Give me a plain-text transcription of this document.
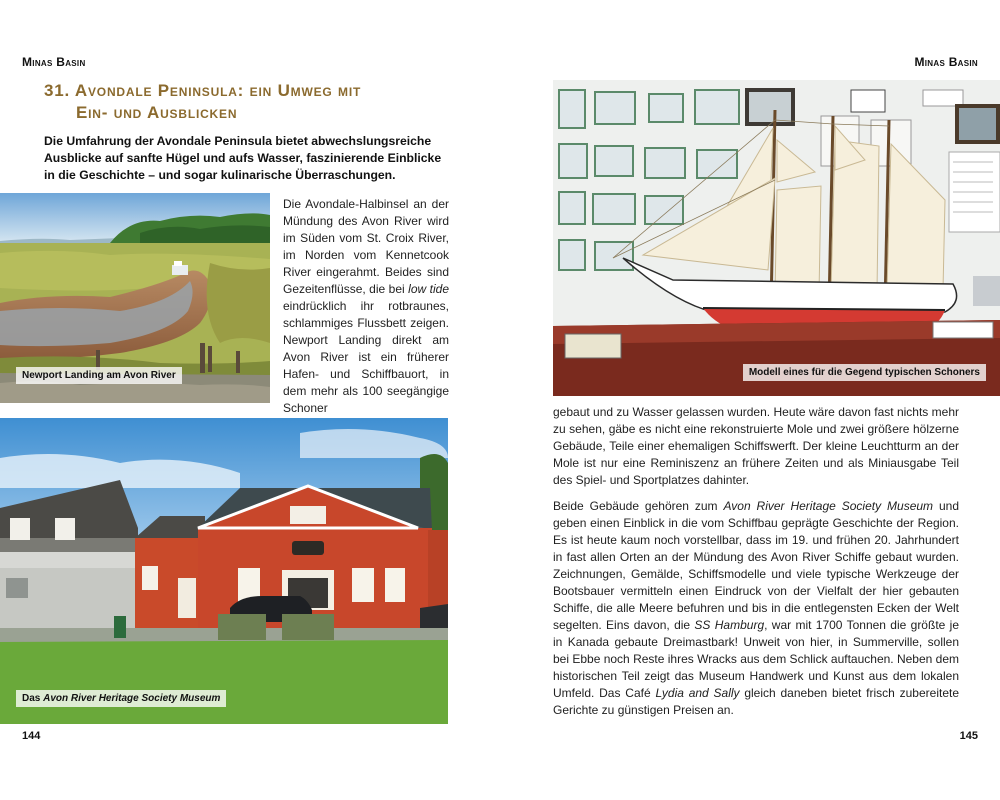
Minas Basin
31. Avondale Peninsula: ein Umweg mit
Ein- und Ausblicken

Die Umfahrung der Avondale Peninsula bietet abwechslungsreiche Ausblicke auf sanfte Hügel und aufs Wasser, faszinierende Einblicke in die Geschichte – und sogar kulinarische Überraschungen.

Newport Landing am Avon River

Die Avondale-Halbinsel an der Mündung des Avon River wird im Süden vom St. Croix River, im Norden vom Kennetcook River eingerahmt. Beides sind Gezeitenflüsse, die bei low tide eindrücklich ihr rotbraunes, schlammiges Flussbett zeigen. Newport Landing direkt am Avon River ist ein früherer Hafen- und Schiffbauort, in dem mehr als 100 seegängige Schoner

Das Avon River Heritage Society Museum
144
Minas Basin
145
Modell eines für die Gegend typischen Schoners

gebaut und zu Wasser gelassen wurden. Heute wäre davon fast nichts mehr zu sehen, gäbe es nicht eine rekonstruierte Mole und zwei größere hölzerne Gebäude, Teile einer ehemaligen Schiffswerft. Der kleine Leuchtturm an der Mole ist nur eine Reminiszenz an frühere Zeiten und als Miniausgabe Teil des Spiel- und Sportplatzes dahinter.

Beide Gebäude gehören zum Avon River Heritage Society Museum und geben einen Einblick in die vom Schiffbau geprägte Geschichte der Region. Es ist heute kaum noch vorstellbar, dass im 19. und frühen 20. Jahrhundert in fast allen Orten an der Mündung des Avon River Schiffe gebaut wurden. Zeichnungen, Gemälde, Schiffsmodelle und viele typische Werkzeuge der Bootsbauer vermitteln einen Eindruck von der Vielfalt der hier gebauten Schiffe, die alle Meere befuhren und bis in die entlegensten Ecken der Welt segelten. Eins davon, die SS Hamburg, war mit 1700 Tonnen die größte je in Kanada gebaute Dreimastbark! Unweit von hier, in Summerville, sollen bei Ebbe noch Reste ihres Wracks aus dem Schlick auftauchen. Neben dem historischen Teil zeigt das Museum Handwerk und Kunst aus dem lokalen Umfeld. Das Café Lydia and Sally gleich daneben bietet frisch zubereitete Gerichte zu günstigen Preisen an.
